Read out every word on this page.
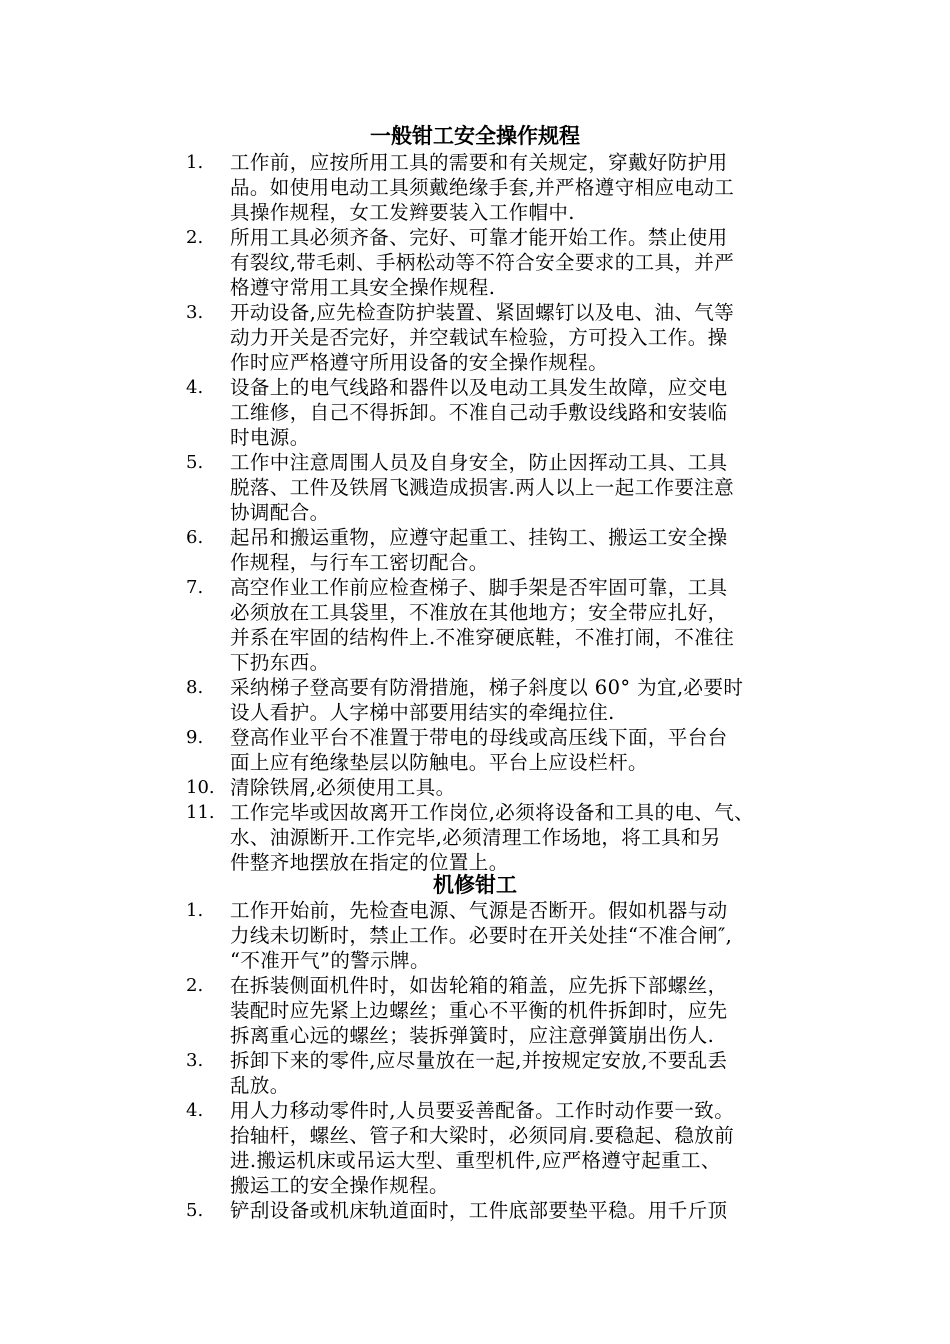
一般钳工安全操作规程
1. 工作前，应按所用工具的需要和有关规定，穿戴好防护用
品。如使用电动工具须戴绝缘手套,并严格遵守相应电动工
具操作规程，女工发辫要装入工作帽中.
2. 所用工具必须齐备、完好、可靠才能开始工作。禁止使用
有裂纹,带毛刺、手柄松动等不符合安全要求的工具，并严
格遵守常用工具安全操作规程.
3. 开动设备,应先检查防护装置、紧固螺钉以及电、油、气等
动力开关是否完好，并空载试车检验，方可投入工作。操
作时应严格遵守所用设备的安全操作规程。
4. 设备上的电气线路和器件以及电动工具发生故障，应交电
工维修，自己不得拆卸。不准自己动手敷设线路和安装临
时电源。
5. 工作中注意周围人员及自身安全，防止因挥动工具、工具
脱落、工件及铁屑飞溅造成损害.两人以上一起工作要注意
协调配合。
6. 起吊和搬运重物，应遵守起重工、挂钩工、搬运工安全操
作规程，与行车工密切配合。
7. 高空作业工作前应检查梯子、脚手架是否牢固可靠，工具
必须放在工具袋里，不准放在其他地方；安全带应扎好，
并系在牢固的结构件上.不准穿硬底鞋，不准打闹，不准往
下扔东西。
8. 采纳梯子登高要有防滑措施，梯子斜度以 60° 为宜,必要时
设人看护。人字梯中部要用结实的牵绳拉住.
9. 登高作业平台不准置于带电的母线或高压线下面，平台台
面上应有绝缘垫层以防触电。平台上应设栏杆。
10. 清除铁屑,必须使用工具。
11. 工作完毕或因故离开工作岗位,必须将设备和工具的电、气、
水、油源断开.工作完毕,必须清理工作场地，将工具和另
件整齐地摆放在指定的位置上。
机修钳工
1. 工作开始前，先检查电源、气源是否断开。假如机器与动
力线未切断时，禁止工作。必要时在开关处挂“不准合闸″,
“不准开气”的警示牌。
2. 在拆装侧面机件时，如齿轮箱的箱盖，应先拆下部螺丝，
装配时应先紧上边螺丝；重心不平衡的机件拆卸时，应先
拆离重心远的螺丝；装拆弹簧时，应注意弹簧崩出伤人.
3. 拆卸下来的零件,应尽量放在一起,并按规定安放,不要乱丢
乱放。
4. 用人力移动零件时,人员要妥善配备。工作时动作要一致。
抬轴杆，螺丝、管子和大梁时，必须同肩.要稳起、稳放前
进.搬运机床或吊运大型、重型机件,应严格遵守起重工、
搬运工的安全操作规程。
5. 铲刮设备或机床轨道面时，工件底部要垫平稳。用千斤顶
